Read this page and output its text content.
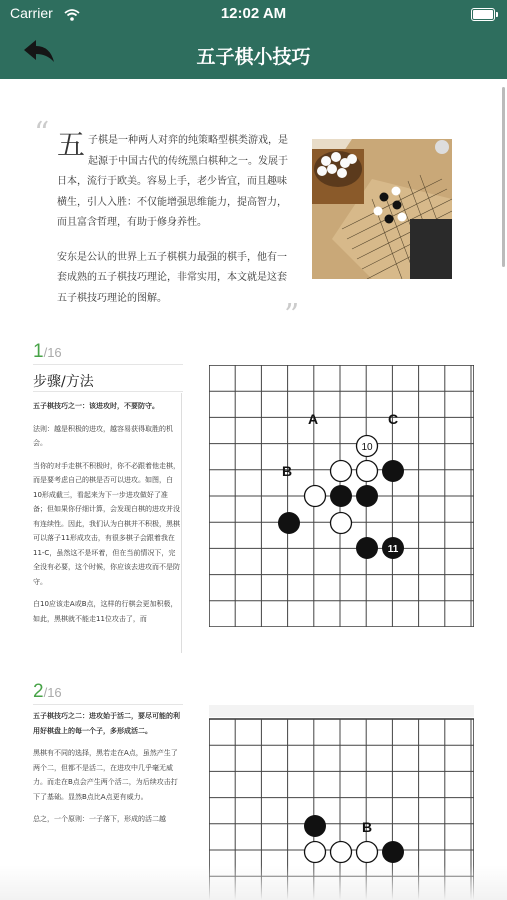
Carrier	12:02 AM
五子棋小技巧
“ 五 子棋是一种两人对弈的纯策略型棋类游戏，是起源于中国古代的传统黑白棋种之一。发展于日本，流行于欧美。容易上手，老少皆宜，而且趣味横生，引人入胜：不仅能增强思维能力，提高智力，而且富含哲理，有助于修身养性。

安东是公认的世界上五子棋棋力最强的棋手，他有一套成熟的五子棋技巧理论，非常实用，本文就是这套五子棋技巧理论的图解。	”
1/16
步骤/方法

五子棋技巧之一：该进攻时，不要防守。

法则：越是积极的进攻，越容易获得取胜的机会。

当你的对手走棋不积极时，你不必跟着他走棋，而是要考虑自己的棋是否可以进攻。如图，白10形成截三，看起来为下一步进攻做好了准备；但如果你仔细计算，会发现白棋的进攻并没有连续性。因此，我们认为白棋并不积极，黑棋可以落子11形成攻击，有很多棋子会跟着我在11-C，虽然这不是坏着，但在当前情况下，完全没有必要，这个时候，你应该去进攻而不是防守。

白10应该走A或B点，这样的行棋会更加积极，如此，黑棋就不能走11位攻击了，而

A	C
B
10
11
2/16

五子棋技巧之二：进攻始于活二，要尽可能的利用好棋盘上的每一个子，多形成活二。

黑棋有不同的选择，黑若走在A点，虽然产生了两个二，但都不是活二，在进攻中几乎毫无威力。而走在B点会产生两个活二，为后续攻击打下了基础。显然B点比A点更有威力。

总之，一个原则：一子落下，形成的活二越	B
